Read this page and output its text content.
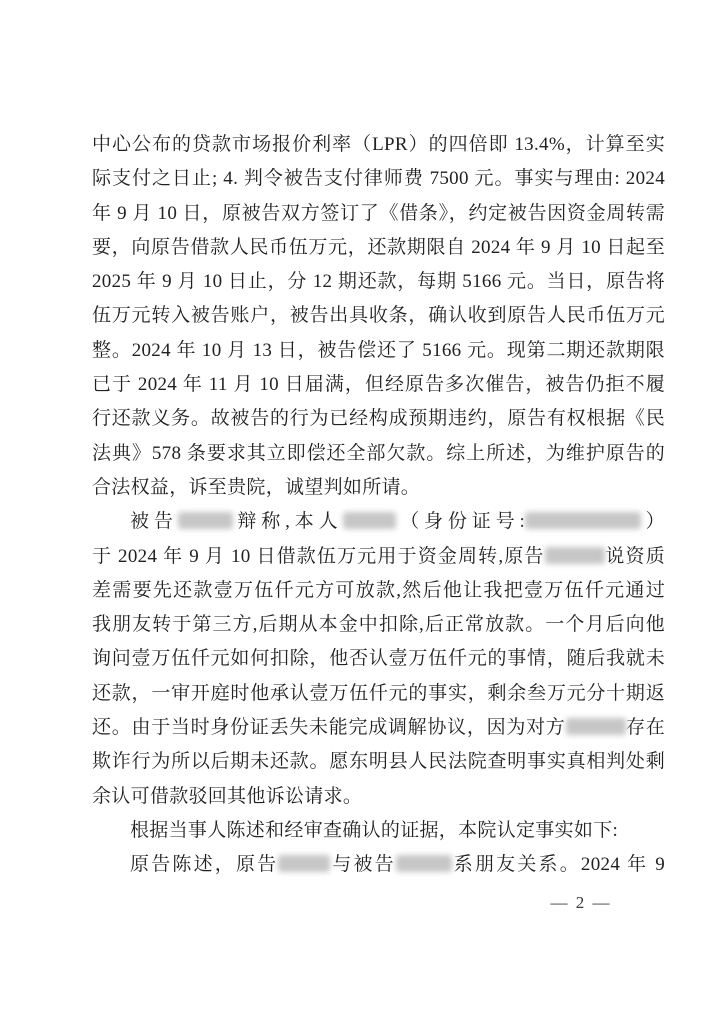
中心公布的贷款市场报价利率（LPR）的四倍即 13.4%，计算至实
际支付之日止; 4. 判令被告支付律师费 7500 元。事实与理由: 2024
年 9 月 10 日，原被告双方签订了《借条》，约定被告因资金周转需
要，向原告借款人民币伍万元，还款期限自 2024 年 9 月 10 日起至
2025 年 9 月 10 日止，分 12 期还款，每期 5166 元。当日，原告将
伍万元转入被告账户，被告出具收条，确认收到原告人民币伍万元
整。2024 年 10 月 13 日，被告偿还了 5166 元。现第二期还款期限
已于 2024 年 11 月 10 日届满，但经原告多次催告，被告仍拒不履
行还款义务。故被告的行为已经构成预期违约，原告有权根据《民
法典》578 条要求其立即偿还全部欠款。综上所述，为维护原告的
合法权益，诉至贵院，诚望判如所请。
被告	辩称,本人	（身份证号:	）
于 2024 年 9 月 10 日借款伍万元用于资金周转,原告	说资质
差需要先还款壹万伍仟元方可放款,然后他让我把壹万伍仟元通过
我朋友转于第三方,后期从本金中扣除,后正常放款。一个月后向他
询问壹万伍仟元如何扣除，他否认壹万伍仟元的事情，随后我就未
还款，一审开庭时他承认壹万伍仟元的事实，剩余叁万元分十期返
还。由于当时身份证丢失未能完成调解协议，因为对方	存在
欺诈行为所以后期未还款。愿东明县人民法院查明事实真相判处剩
余认可借款驳回其他诉讼请求。
根据当事人陈述和经审查确认的证据，本院认定事实如下:
原告陈述，原告	与被告	系朋友关系。2024 年 9
— 2 —
